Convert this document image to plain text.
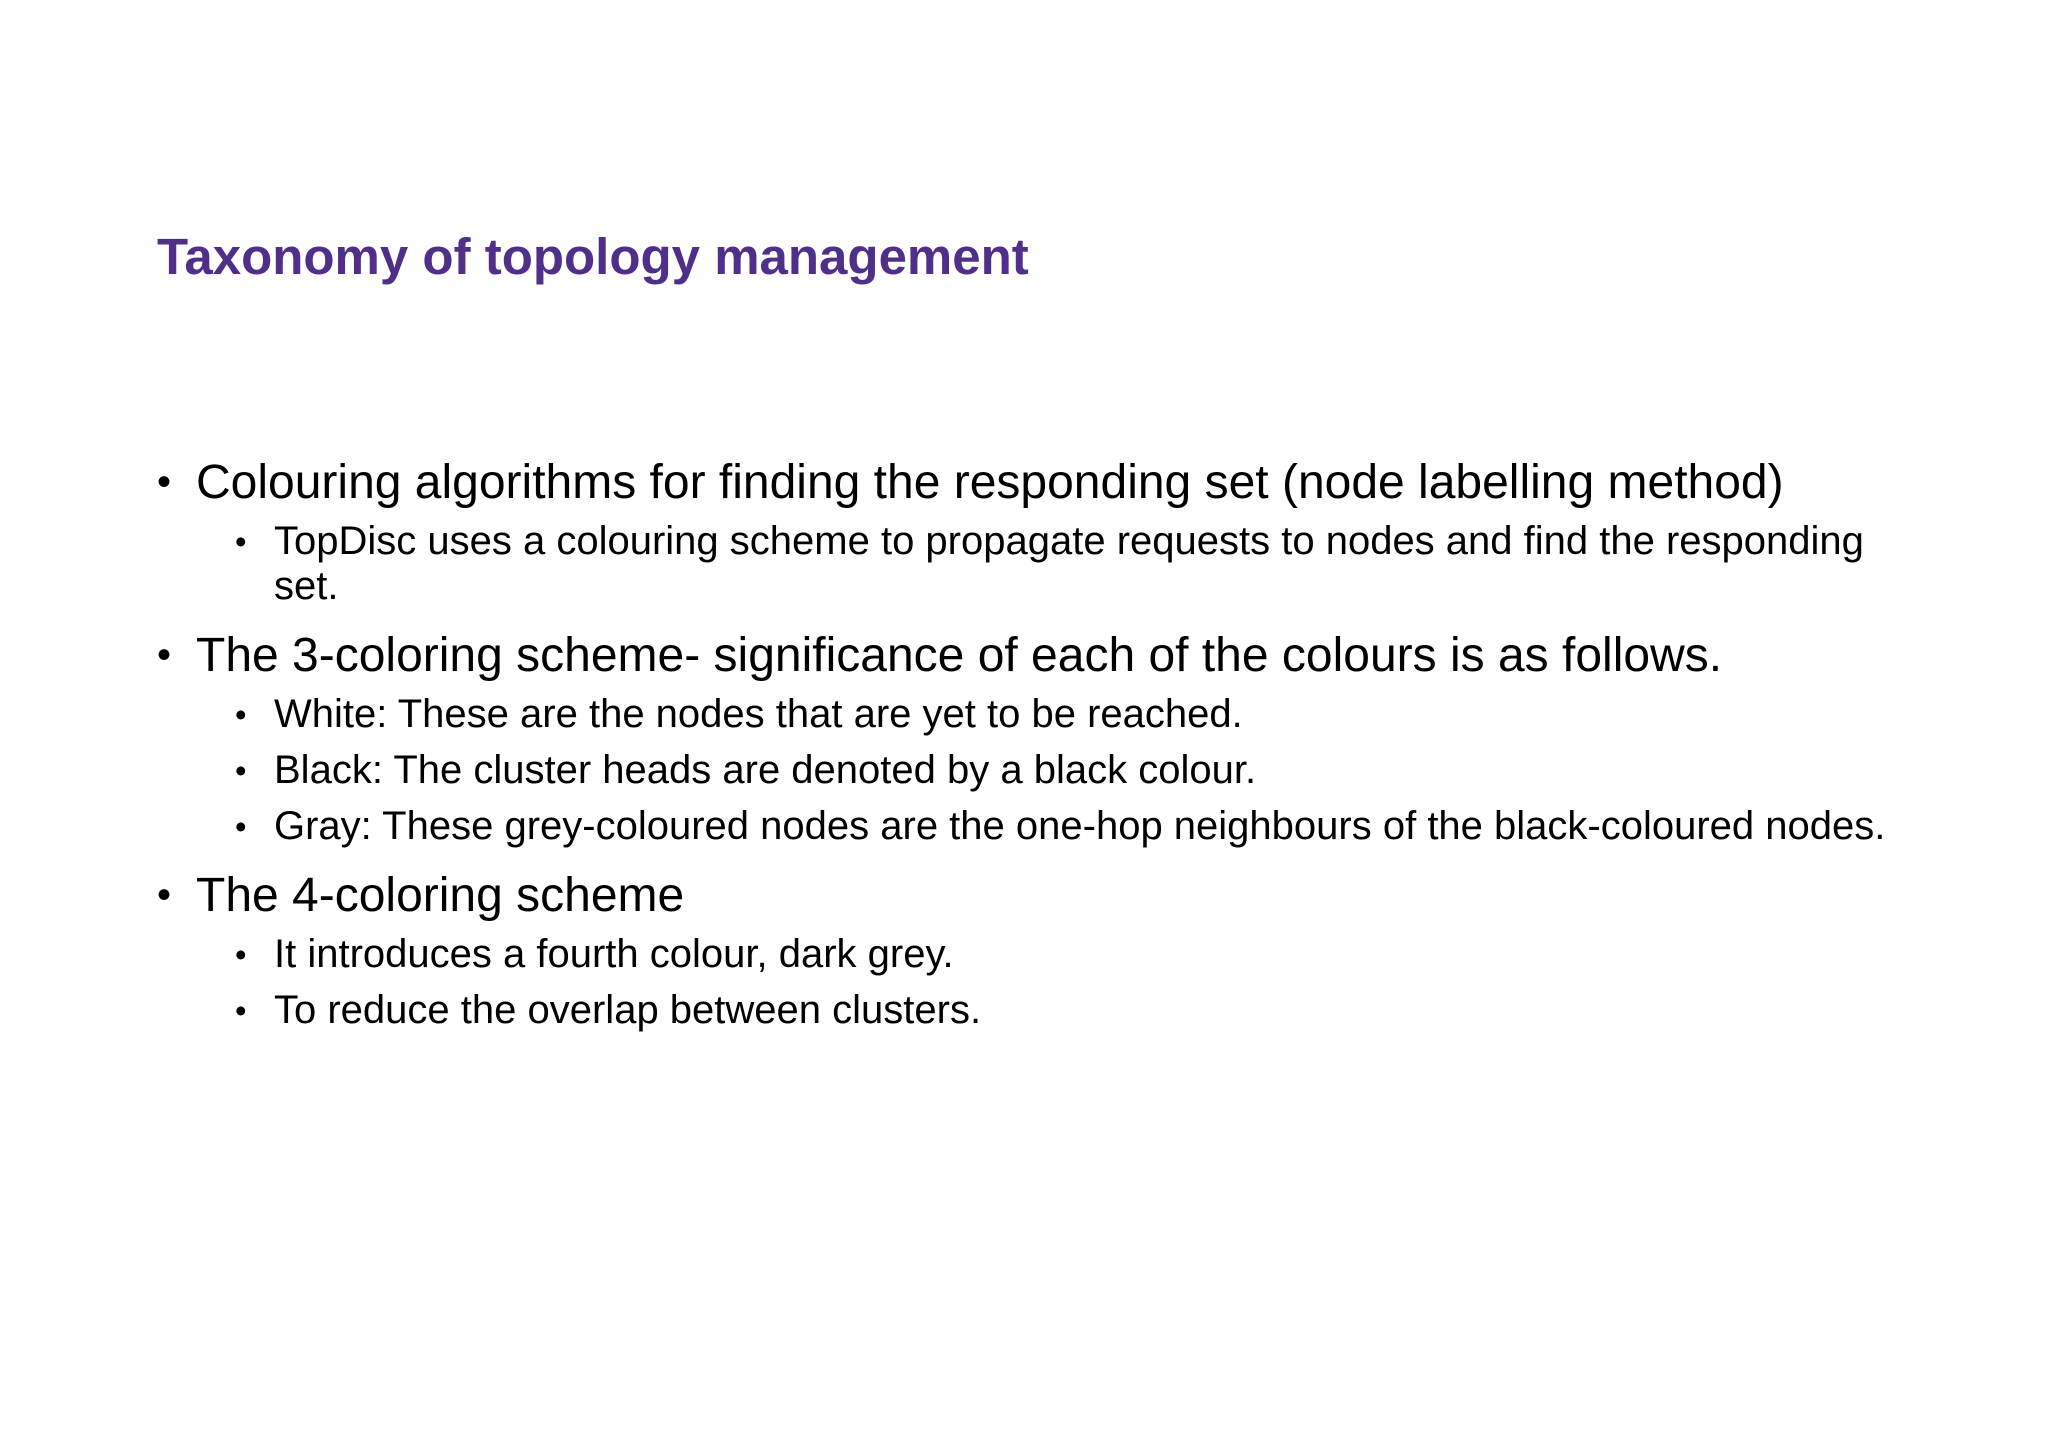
Taxonomy of topology management
• Colouring algorithms for finding the responding set (node labelling method)
• TopDisc uses a colouring scheme to propagate requests to nodes and find the responding set.
• The 3-coloring scheme- significance of each of the colours is as follows.
• White: These are the nodes that are yet to be reached.
• Black: The cluster heads are denoted by a black colour.
• Gray: These grey-coloured nodes are the one-hop neighbours of the black-coloured nodes.
• The 4-coloring scheme
• It introduces a fourth colour, dark grey.
• To reduce the overlap between clusters.
